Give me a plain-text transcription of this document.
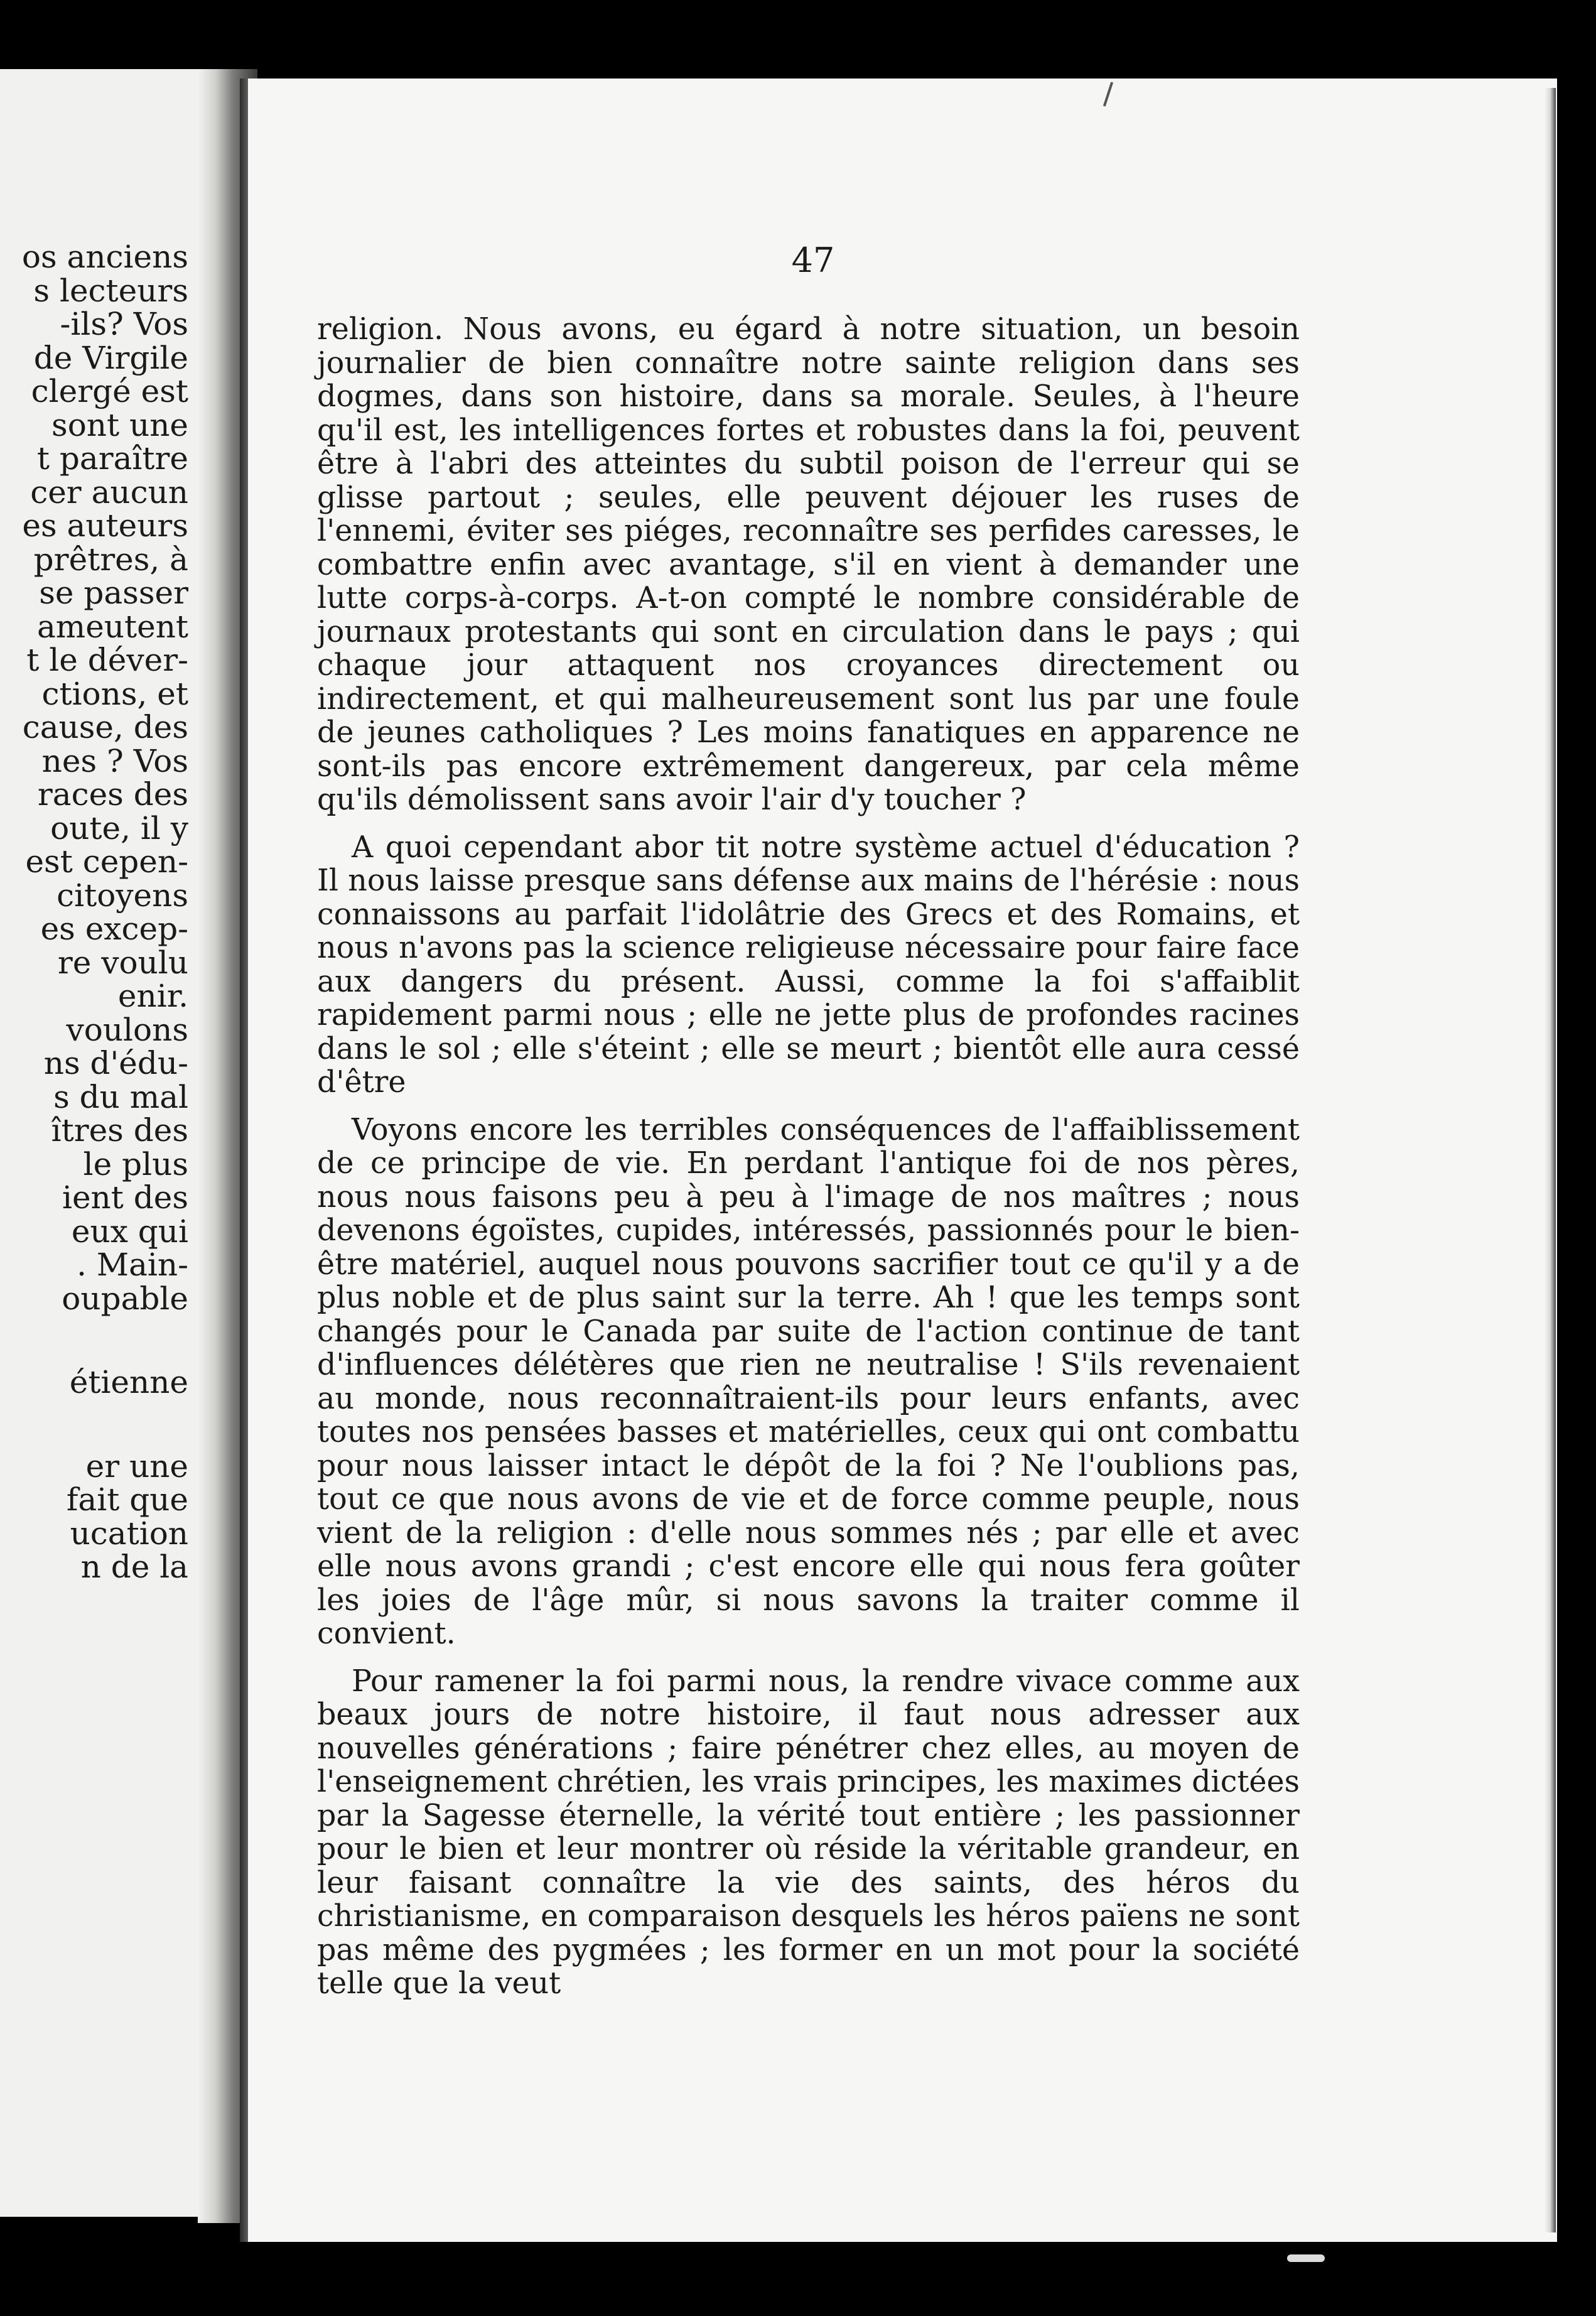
os anciens
s lecteurs
-ils? Vos
de Virgile
clergé est
sont une
t paraître
cer aucun
es auteurs
prêtres, à
se passer
ameutent
t le déver-
ctions, et
cause, des
nes ? Vos
races des
oute, il y
est cepen-
citoyens
es excep-
re voulu
enir.
voulons
ns d'édu-
s du mal
îtres des
le plus
ient des
eux qui
. Main-
oupable
étienne
er une
fait que
ucation
n de la
47

religion. Nous avons, eu égard à notre situation, un besoin journalier de bien connaître notre sainte religion dans ses dogmes, dans son histoire, dans sa morale. Seules, à l'heure qu'il est, les intelligences fortes et robustes dans la foi, peuvent être à l'abri des atteintes du subtil poison de l'erreur qui se glisse partout ; seules, elle peuvent déjouer les ruses de l'ennemi, éviter ses piéges, reconnaître ses perfides caresses, le combattre enfin avec avantage, s'il en vient à demander une lutte corps-à-corps. A-t-on compté le nombre considérable de journaux protestants qui sont en circulation dans le pays ; qui chaque jour attaquent nos croyances directement ou indirectement, et qui malheureusement sont lus par une foule de jeunes catholiques ? Les moins fanatiques en apparence ne sont-ils pas encore extrêmement dangereux, par cela même qu'ils démolissent sans avoir l'air d'y toucher ?

A quoi cependant abor tit notre système actuel d'éducation ? Il nous laisse presque sans défense aux mains de l'hérésie : nous connaissons au parfait l'idolâtrie des Grecs et des Romains, et nous n'avons pas la science religieuse nécessaire pour faire face aux dangers du présent. Aussi, comme la foi s'affaiblit rapidement parmi nous ; elle ne jette plus de profondes racines dans le sol ; elle s'éteint ; elle se meurt ; bientôt elle aura cessé d'être

Voyons encore les terribles conséquences de l'affaiblissement de ce principe de vie. En perdant l'antique foi de nos pères, nous nous faisons peu à peu à l'image de nos maîtres ; nous devenons égoïstes, cupides, intéressés, passionnés pour le bien-être matériel, auquel nous pouvons sacrifier tout ce qu'il y a de plus noble et de plus saint sur la terre. Ah ! que les temps sont changés pour le Canada par suite de l'action continue de tant d'influences délétères que rien ne neutralise ! S'ils revenaient au monde, nous reconnaîtraient-ils pour leurs enfants, avec toutes nos pensées basses et matérielles, ceux qui ont combattu pour nous laisser intact le dépôt de la foi ? Ne l'oublions pas, tout ce que nous avons de vie et de force comme peuple, nous vient de la religion : d'elle nous sommes nés ; par elle et avec elle nous avons grandi ; c'est encore elle qui nous fera goûter les joies de l'âge mûr, si nous savons la traiter comme il convient.

Pour ramener la foi parmi nous, la rendre vivace comme aux beaux jours de notre histoire, il faut nous adresser aux nouvelles générations ; faire pénétrer chez elles, au moyen de l'enseignement chrétien, les vrais principes, les maximes dictées par la Sagesse éternelle, la vérité tout entière ; les passionner pour le bien et leur montrer où réside la véritable grandeur, en leur faisant connaître la vie des saints, des héros du christianisme, en comparaison desquels les héros païens ne sont pas même des pygmées ; les former en un mot pour la société telle que la veut
